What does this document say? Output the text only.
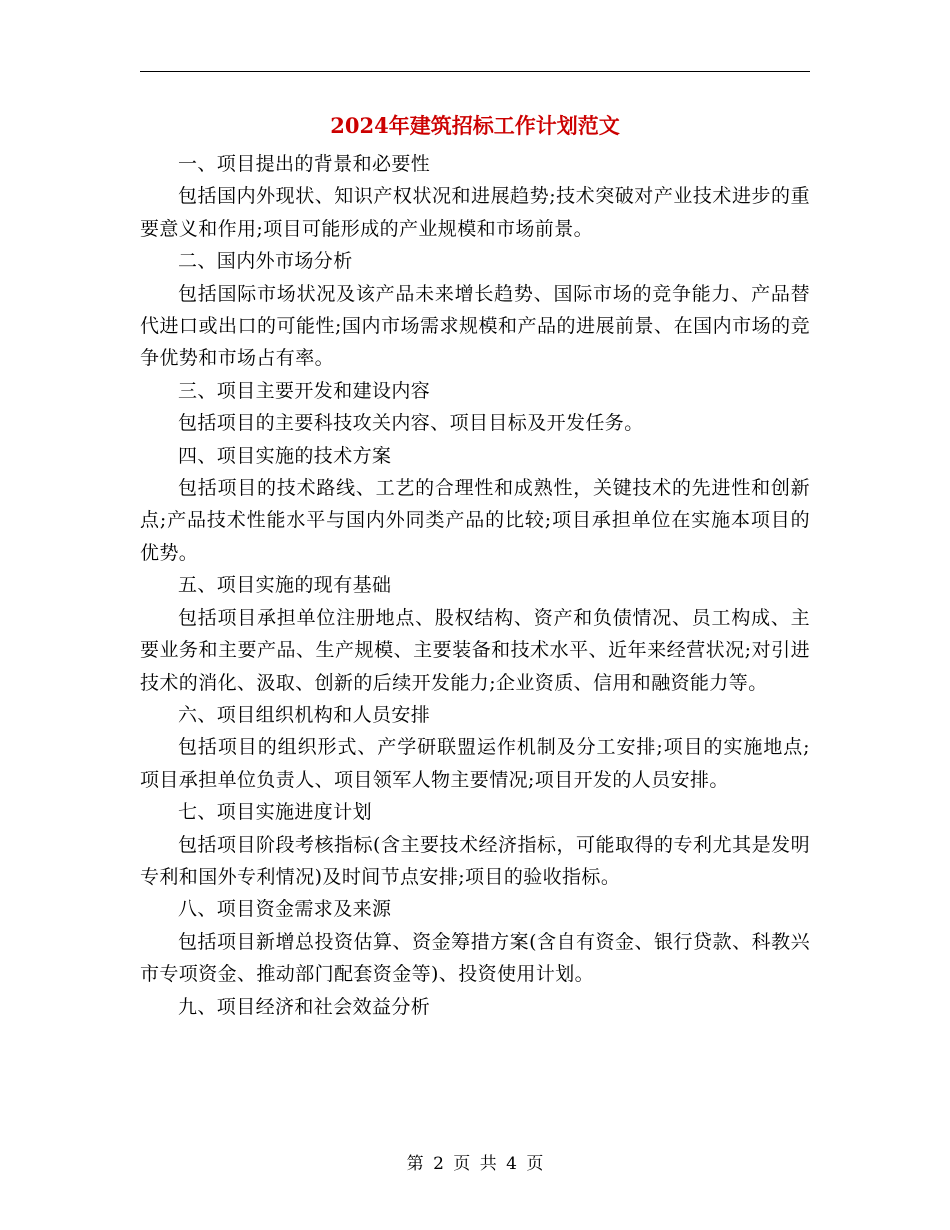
2024年建筑招标工作计划范文

一、项目提出的背景和必要性

包括国内外现状、知识产权状况和进展趋势;技术突破对产业技术进步的重要意义和作用;项目可能形成的产业规模和市场前景。

二、国内外市场分析

包括国际市场状况及该产品未来增长趋势、国际市场的竞争能力、产品替代进口或出口的可能性;国内市场需求规模和产品的进展前景、在国内市场的竞争优势和市场占有率。

三、项目主要开发和建设内容

包括项目的主要科技攻关内容、项目目标及开发任务。

四、项目实施的技术方案

包括项目的技术路线、工艺的合理性和成熟性，关键技术的先进性和创新点;产品技术性能水平与国内外同类产品的比较;项目承担单位在实施本项目的优势。

五、项目实施的现有基础

包括项目承担单位注册地点、股权结构、资产和负债情况、员工构成、主要业务和主要产品、生产规模、主要装备和技术水平、近年来经营状况;对引进技术的消化、汲取、创新的后续开发能力;企业资质、信用和融资能力等。

六、项目组织机构和人员安排

包括项目的组织形式、产学研联盟运作机制及分工安排;项目的实施地点;项目承担单位负责人、项目领军人物主要情况;项目开发的人员安排。

七、项目实施进度计划

包括项目阶段考核指标(含主要技术经济指标，可能取得的专利尤其是发明专利和国外专利情况)及时间节点安排;项目的验收指标。

八、项目资金需求及来源

包括项目新增总投资估算、资金筹措方案(含自有资金、银行贷款、科教兴市专项资金、推动部门配套资金等)、投资使用计划。

九、项目经济和社会效益分析

第 2 页 共 4 页
